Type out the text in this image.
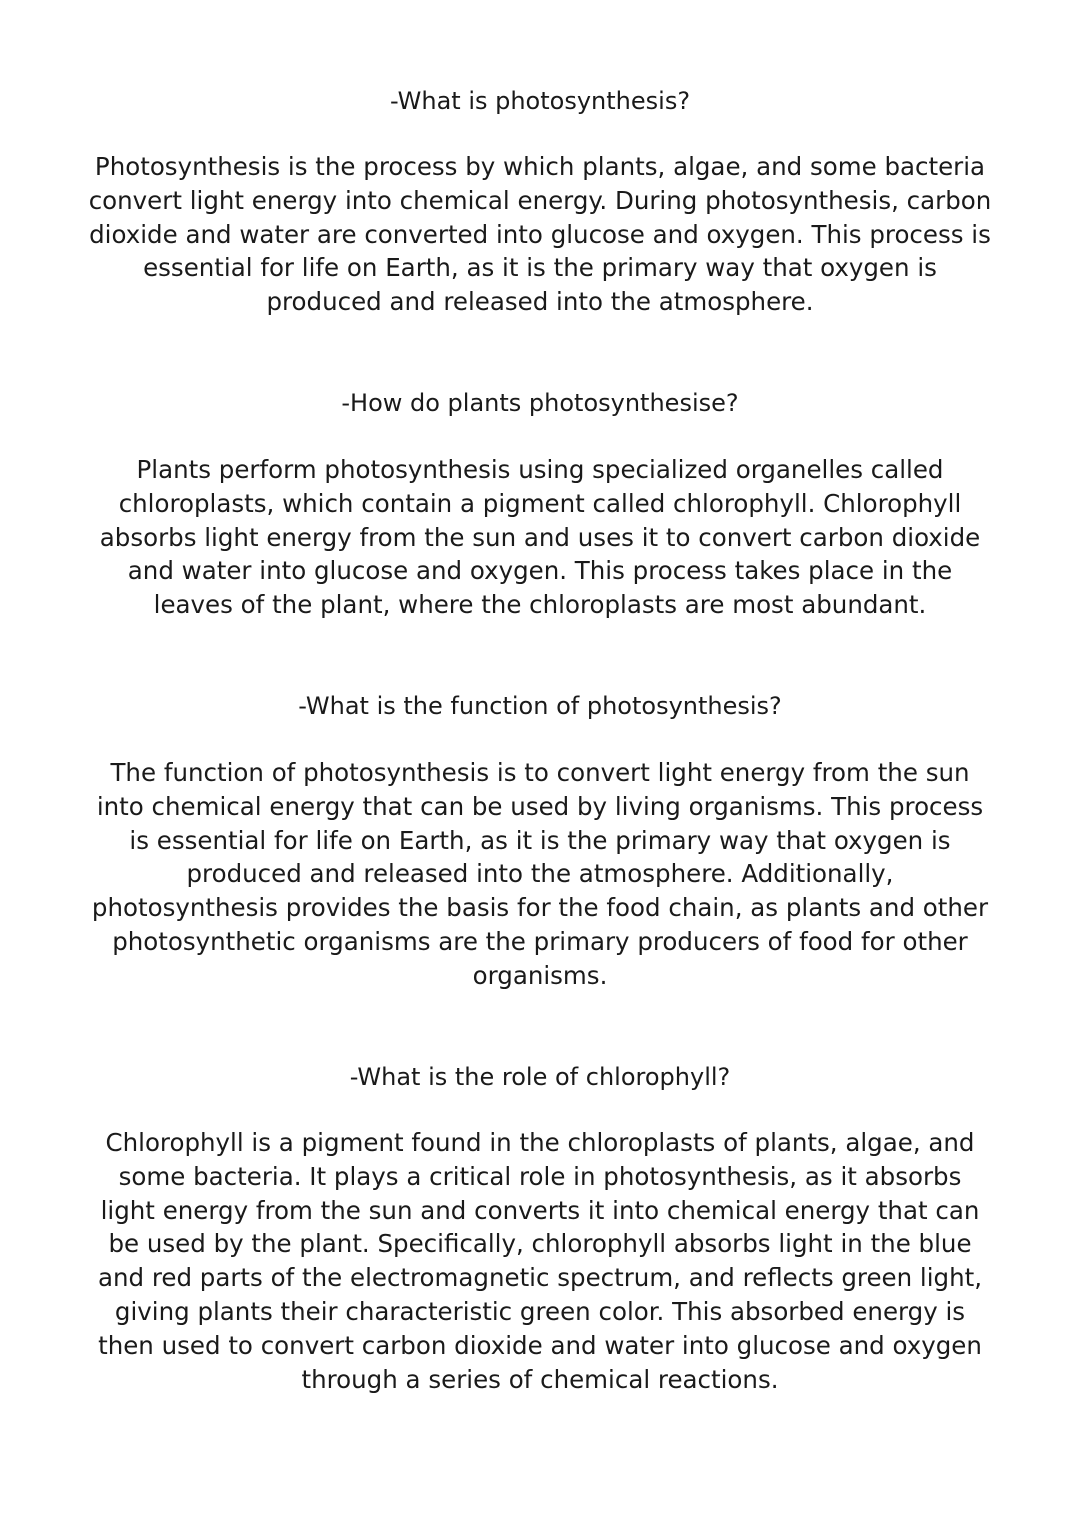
-What is photosynthesis?
Photosynthesis is the process by which plants, algae, and some bacteria
convert light energy into chemical energy. During photosynthesis, carbon
dioxide and water are converted into glucose and oxygen. This process is
essential for life on Earth, as it is the primary way that oxygen is
produced and released into the atmosphere.
-How do plants photosynthesise?
Plants perform photosynthesis using specialized organelles called
chloroplasts, which contain a pigment called chlorophyll. Chlorophyll
absorbs light energy from the sun and uses it to convert carbon dioxide
and water into glucose and oxygen. This process takes place in the
leaves of the plant, where the chloroplasts are most abundant.
-What is the function of photosynthesis?
The function of photosynthesis is to convert light energy from the sun
into chemical energy that can be used by living organisms. This process
is essential for life on Earth, as it is the primary way that oxygen is
produced and released into the atmosphere. Additionally,
photosynthesis provides the basis for the food chain, as plants and other
photosynthetic organisms are the primary producers of food for other
organisms.
-What is the role of chlorophyll?
Chlorophyll is a pigment found in the chloroplasts of plants, algae, and
some bacteria. It plays a critical role in photosynthesis, as it absorbs
light energy from the sun and converts it into chemical energy that can
be used by the plant. Specifically, chlorophyll absorbs light in the blue
and red parts of the electromagnetic spectrum, and reflects green light,
giving plants their characteristic green color. This absorbed energy is
then used to convert carbon dioxide and water into glucose and oxygen
through a series of chemical reactions.
